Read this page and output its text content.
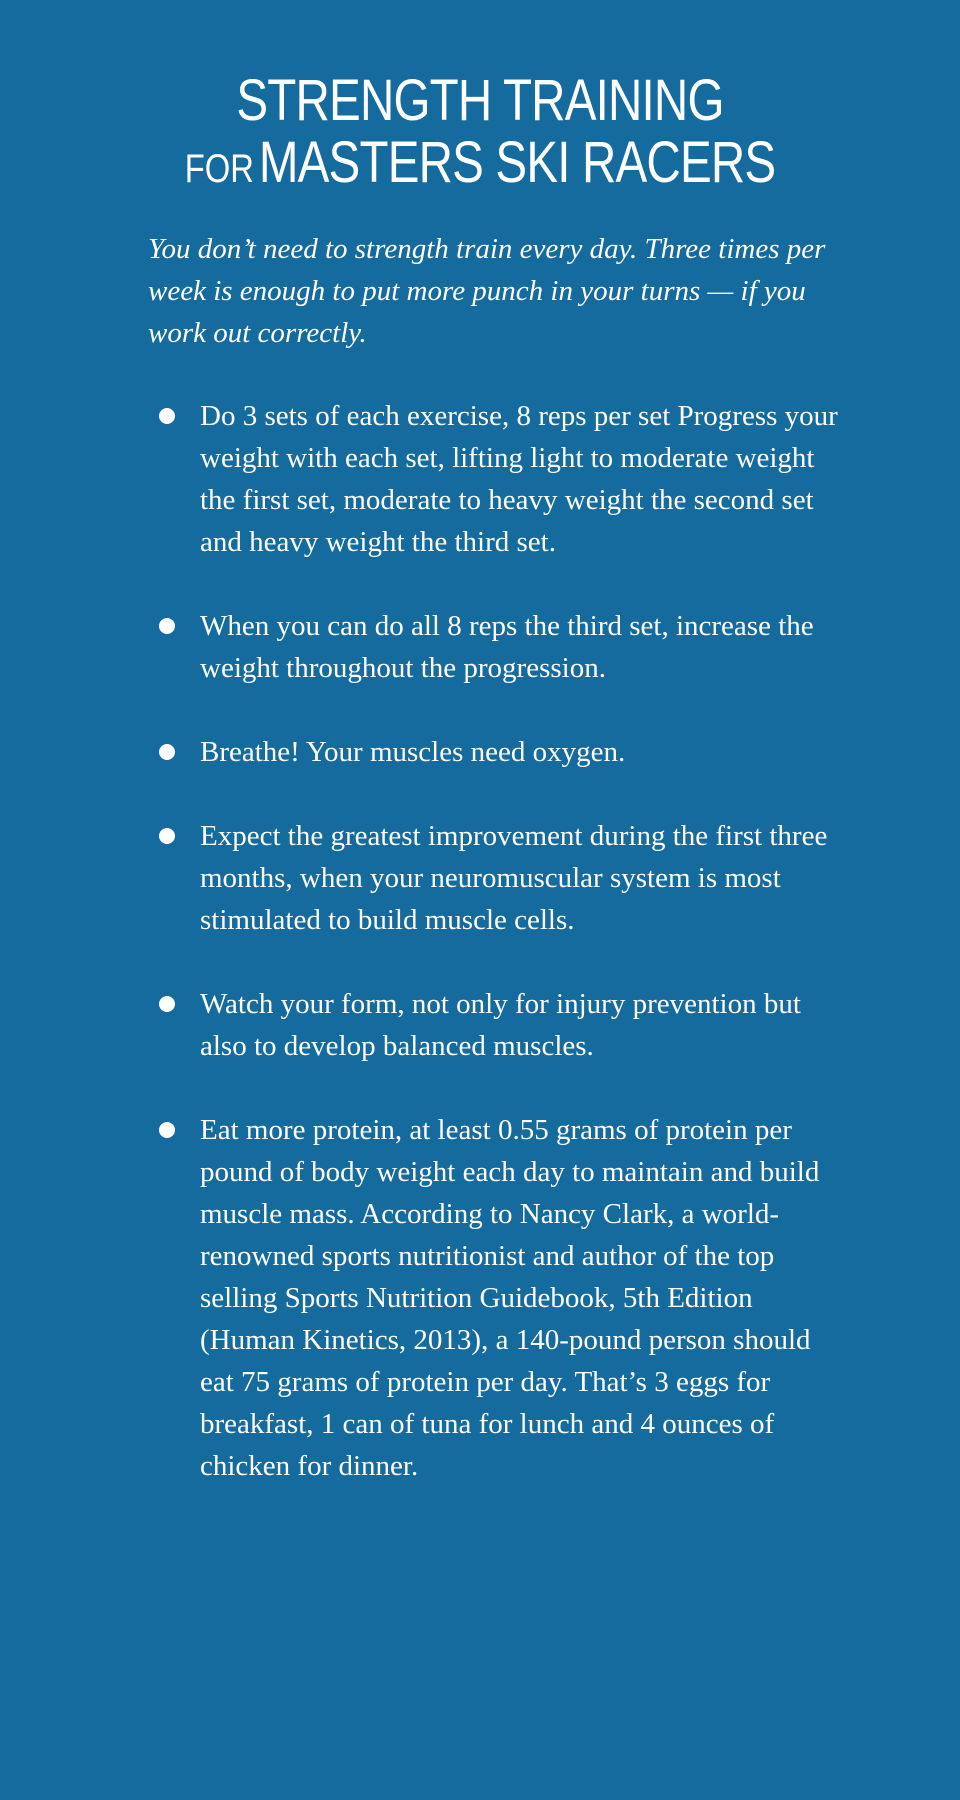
STRENGTH TRAINING
FORMASTERS SKI RACERS

You don’t need to strength train every day. Three times per week is enough to put more punch in your turns — if you work out correctly.

Do 3 sets of each exercise, 8 reps per set Progress your weight with each set, lifting light to moderate weight the first set, moderate to heavy weight the second set and heavy weight the third set.
When you can do all 8 reps the third set, increase the weight throughout the progression.
Breathe! Your muscles need oxygen.
Expect the greatest improvement during the first three months, when your neuromuscular system is most stimulated to build muscle cells.
Watch your form, not only for injury prevention but also to develop balanced muscles.
Eat more protein, at least 0.55 grams of protein per pound of body weight each day to maintain and build muscle mass. According to Nancy Clark, a world-renowned sports nutritionist and author of the top selling Sports Nutrition Guidebook, 5th Edition (Human Kinetics, 2013), a 140-pound person should eat 75 grams of protein per day. That’s 3 eggs for breakfast, 1 can of tuna for lunch and 4 ounces of chicken for dinner.
